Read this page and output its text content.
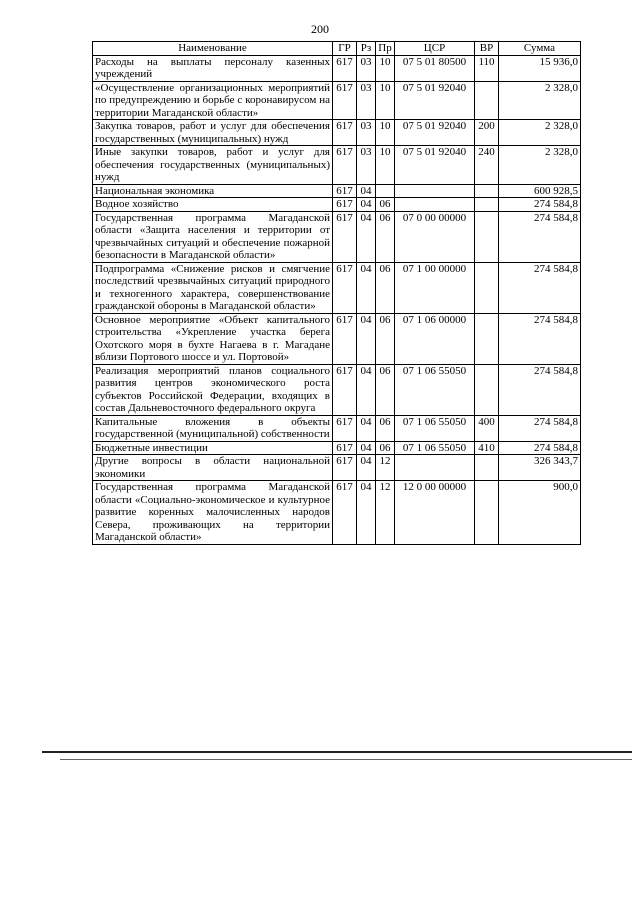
200
Наименование	ГР	Рз	Пр	ЦСР	ВР	Сумма
Расходы на выплаты персоналу казенных учреждений	617	03	10	07 5 01 80500	110	15 936,0
«Осуществление организационных мероприятий по предупреждению и борьбе с коронавирусом на территории Магаданской области»	617	03	10	07 5 01 92040		2 328,0
Закупка товаров, работ и услуг для обеспечения государственных (муниципальных) нужд	617	03	10	07 5 01 92040	200	2 328,0
Иные закупки товаров, работ и услуг для обеспечения государственных (муниципальных) нужд	617	03	10	07 5 01 92040	240	2 328,0
Национальная экономика	617	04				600 928,5
Водное хозяйство	617	04	06			274 584,8
Государственная программа Магаданской области «Защита населения и территории от чрезвычайных ситуаций и обеспечение пожарной безопасности в Магаданской области»	617	04	06	07 0 00 00000		274 584,8
Подпрограмма «Снижение рисков и смягчение последствий чрезвычайных ситуаций природного и техногенного характера, совершенствование гражданской обороны в Магаданской области»	617	04	06	07 1 00 00000		274 584,8
Основное мероприятие «Объект капитального строительства «Укрепление участка берега Охотского моря в бухте Нагаева в г. Магадане вблизи Портового шоссе и ул. Портовой»	617	04	06	07 1 06 00000		274 584,8
Реализация мероприятий планов социального развития центров экономического роста субъектов Российской Федерации, входящих в состав Дальневосточного федерального округа	617	04	06	07 1 06 55050		274 584,8
Капитальные вложения в объекты государственной (муниципальной) собственности	617	04	06	07 1 06 55050	400	274 584,8
Бюджетные инвестиции	617	04	06	07 1 06 55050	410	274 584,8
Другие вопросы в области национальной экономики	617	04	12			326 343,7
Государственная программа Магаданской области «Социально-экономическое и культурное развитие коренных малочисленных народов Севера, проживающих на территории Магаданской области»	617	04	12	12 0 00 00000		900,0
